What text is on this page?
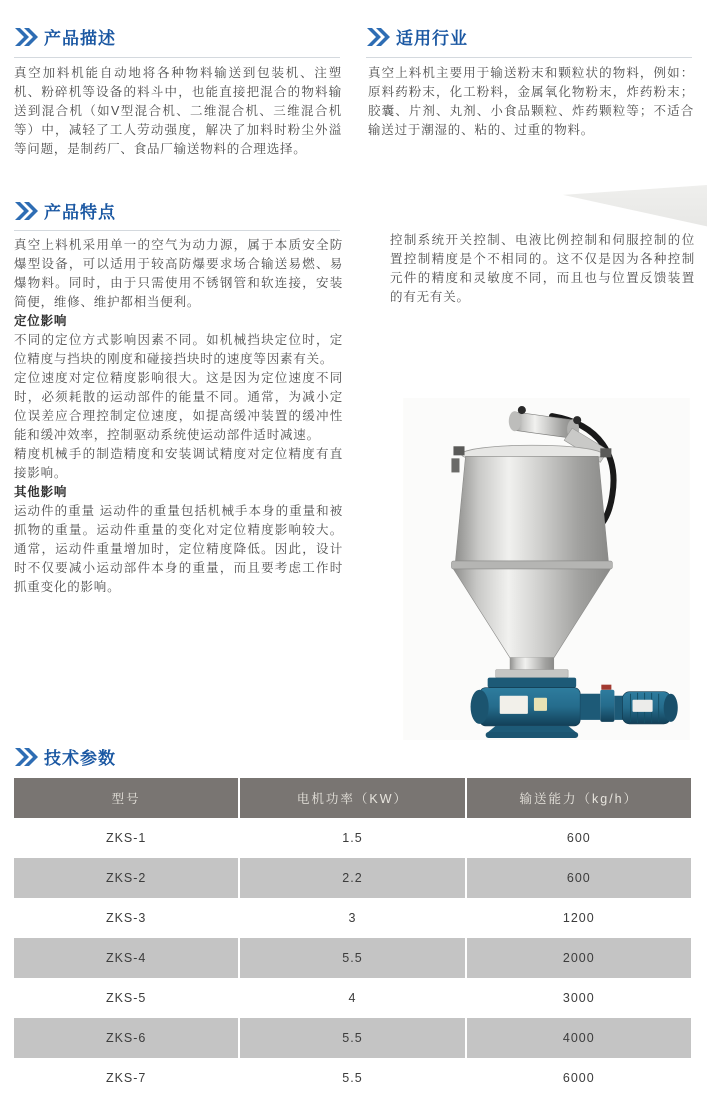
产品描述

真空加料机能自动地将各种物料输送到包装机、注塑机、粉碎机等设备的料斗中，也能直接把混合的物料输送到混合机（如V型混合机、二维混合机、三维混合机等）中，减轻了工人劳动强度，解决了加料时粉尘外溢等问题，是制药厂、食品厂输送物料的合理选择。

适用行业

真空上料机主要用于输送粉末和颗粒状的物料，例如：原料药粉末，化工粉料，金属氧化物粉末，炸药粉末；胶囊、片剂、丸剂、小食品颗粒、炸药颗粒等；不适合输送过于潮湿的、粘的、过重的物料。

产品特点

真空上料机采用单一的空气为动力源，属于本质安全防爆型设备，可以适用于较高防爆要求场合输送易燃、易爆物料。同时，由于只需使用不锈钢管和软连接，安装简便，维修、维护都相当便利。

定位影响

不同的定位方式影响因素不同。如机械挡块定位时，定位精度与挡块的刚度和碰接挡块时的速度等因素有关。

定位速度对定位精度影响很大。这是因为定位速度不同时，必须耗散的运动部件的能量不同。通常，为减小定位误差应合理控制定位速度，如提高缓冲装置的缓冲性能和缓冲效率，控制驱动系统使运动部件适时减速。

精度机械手的制造精度和安装调试精度对定位精度有直接影响。

其他影响

运动件的重量 运动件的重量包括机械手本身的重量和被抓物的重量。运动件重量的变化对定位精度影响较大。通常，运动件重量增加时，定位精度降低。因此，设计时不仅要减小运动部件本身的重量，而且要考虑工作时抓重变化的影响。

控制系统开关控制、电液比例控制和伺服控制的位置控制精度是个不相同的。这不仅是因为各种控制元件的精度和灵敏度不同，而且也与位置反馈装置的有无有关。

技术参数
型号	电机功率（KW）	输送能力（kg/h）
ZKS-1	1.5	600
ZKS-2	2.2	600
ZKS-3	3	1200
ZKS-4	5.5	2000
ZKS-5	4	3000
ZKS-6	5.5	4000
ZKS-7	5.5	6000
